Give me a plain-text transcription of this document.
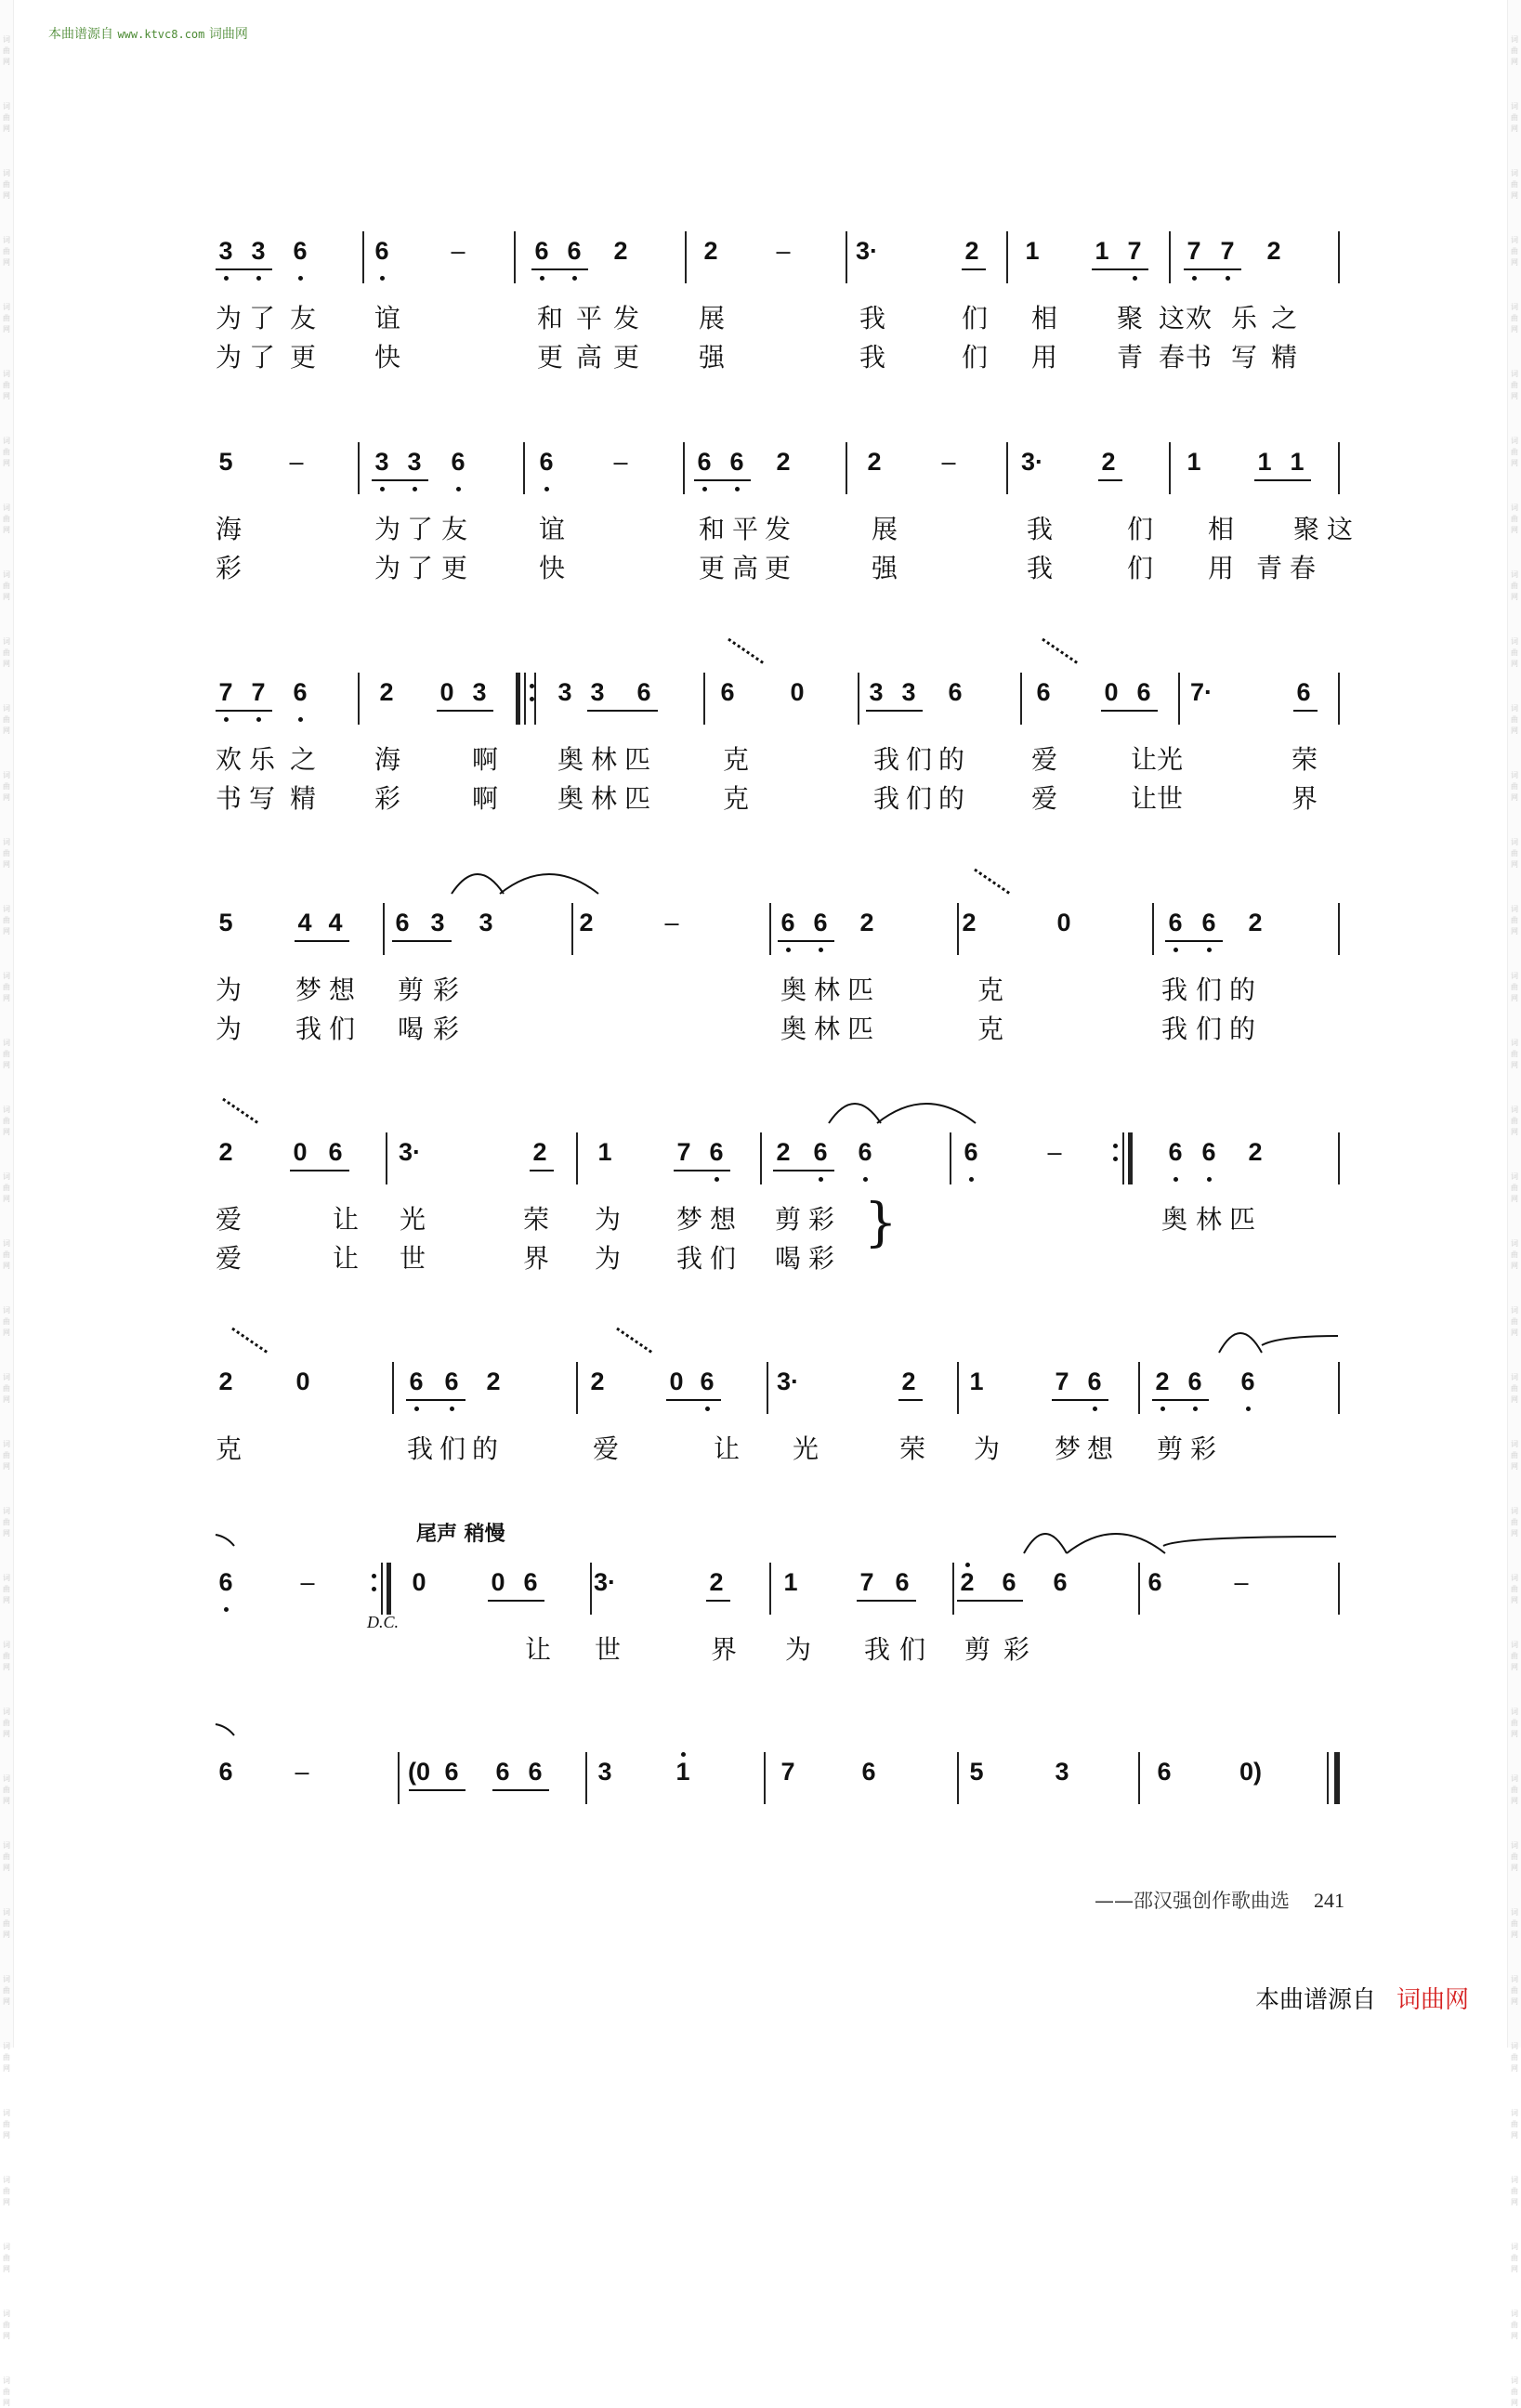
词
曲
网
词
曲
网
词
曲
网
词
曲
网
词
曲
网
词
曲
网
词
曲
网
词
曲
网
词
曲
网
词
曲
网
词
曲
网
词
曲
网
词
曲
网
词
曲
网
词
曲
网
词
曲
网
词
曲
网
词
曲
网
词
曲
网
词
曲
网
词
曲
网
词
曲
网
词
曲
网
词
曲
网
词
曲
网
词
曲
网
词
曲
网
词
曲
网
词
曲
网
词
曲
网
词
曲
网
词
曲
网
词
曲
网
词
曲
网
词
曲
网
词
曲
网
词
曲
网
词
曲
网
词
曲
网
词
曲
网
词
曲
网
词
曲
网
词
曲
网
词
曲
网
词
曲
网
词
曲
网
词
曲
网
词
曲
网
词
曲
网
词
曲
网
词
曲
网
词
曲
网
词
曲
网
词
曲
网
词
曲
网
词
曲
网
词
曲
网
词
曲
网
词
曲
网
词
曲
网
词
曲
网
词
曲
网
词
曲
网
词
曲
网
词
曲
网
词
曲
网
词
曲
网
词
曲
网
词
曲
网
词
曲
网
词
曲
网
词
曲
网
本曲谱源自 www.ktvc8.com 词曲网
3 3 6	6 –	6 6 2	2 –	3·	2 1 1 7 7 7 2
为 了 友 谊	和 平 发 展	我	们 相 聚 这 欢 乐 之
为 了 更 快	更 高 更 强	我	们 用 青 春 书 写 精
5 –	3 3 6	6 –	6 6 2	2 –	3· 2	1 1 1
海	为 了 友	谊	和 平 发	展	我	们 相 聚 这
彩	为 了 更	快	更 高 更	强	我	们 用 青 春
7 7 6	2 0 3	3 3 6	6 0	3 3 6	6 0 6 7·	6
欢 乐 之 海	啊 奥 林 匹	克	我 们 的	爱	让 光	荣
书 写 精 彩	啊 奥 林 匹	克	我 们 的	爱	让 世	界
5	4 4 6 3 3	2	–	6 6 2	2	0	6 6 2
为 梦 想 剪 彩	奥 林 匹	克	我 们 的
为 我 们 喝 彩	奥 林 匹	克	我 们 的
2 0 6 3·	2 1	7 6 2 6 6	6	–	6 6 2
爱	让 光	荣 为 梦 想 剪 彩	奥 林 匹
爱	让 世	界 为 我 们 喝 彩
}
2	0	6 6 2	2	0 6 3·	2 1	7 6 2 6 6
克	我 们 的	爱	让 光	荣 为 梦 想 剪 彩
6	–	0	0 6 3·	2 1 7 6 2 6 6	6	–
让 世	界 为 我 们 剪 彩
尾声 稍慢
D.C.
6 –	(0 6 6 6 3	1	7	6	5	3	6	0)
——邵汉强创作歌曲选 241
本曲谱源自 词曲网
